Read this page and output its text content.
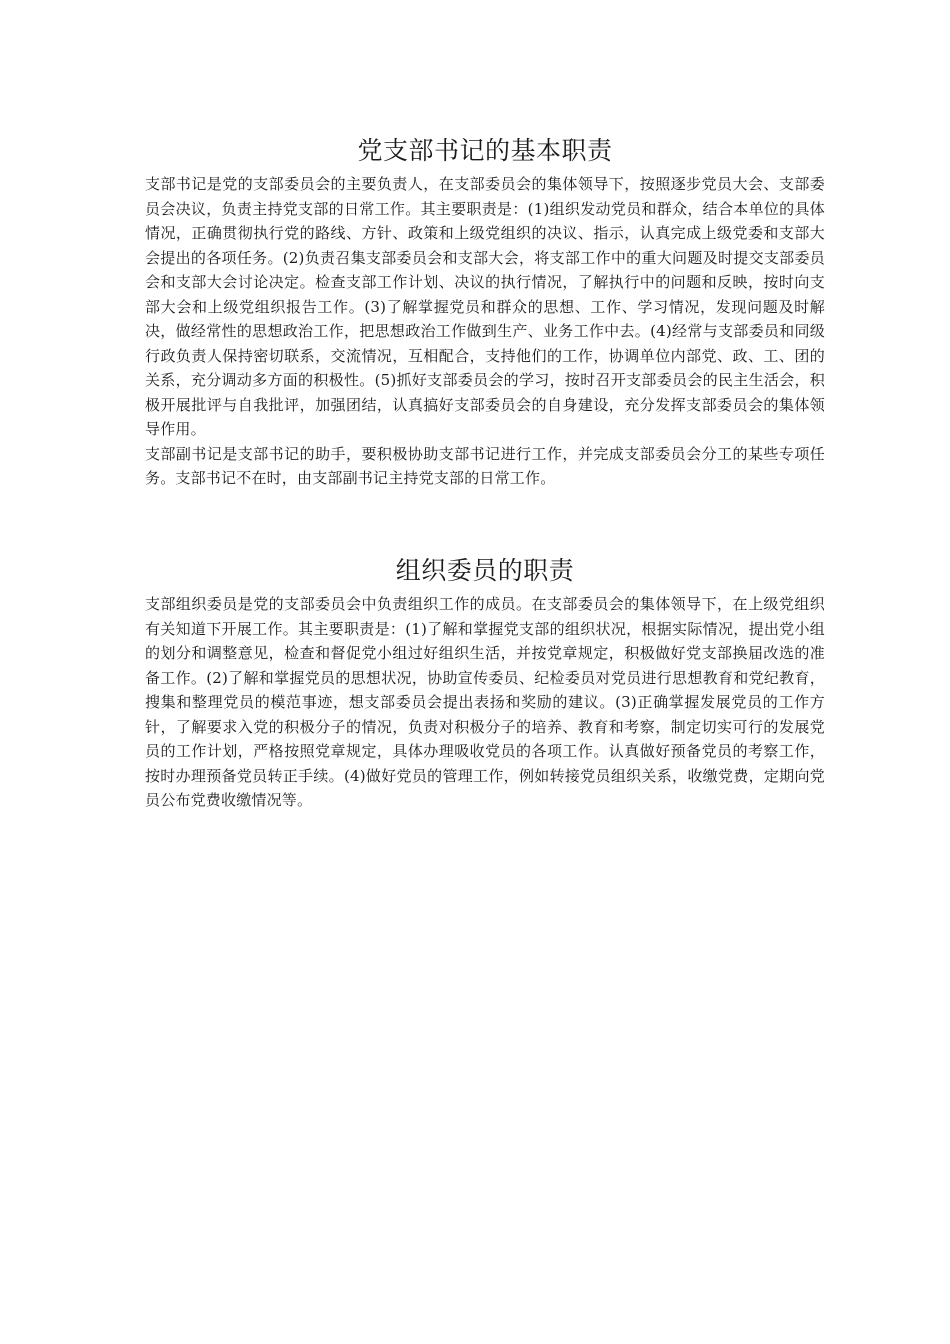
党支部书记的基本职责

支部书记是党的支部委员会的主要负责人，在支部委员会的集体领导下，按照逐步党员大会、支部委员会决议，负责主持党支部的日常工作。其主要职责是：(1)组织发动党员和群众，结合本单位的具体情况，正确贯彻执行党的路线、方针、政策和上级党组织的决议、指示，认真完成上级党委和支部大会提出的各项任务。(2)负责召集支部委员会和支部大会，将支部工作中的重大问题及时提交支部委员会和支部大会讨论决定。检查支部工作计划、决议的执行情况，了解执行中的问题和反映，按时向支部大会和上级党组织报告工作。(3)了解掌握党员和群众的思想、工作、学习情况，发现问题及时解决，做经常性的思想政治工作，把思想政治工作做到生产、业务工作中去。(4)经常与支部委员和同级行政负责人保持密切联系，交流情况，互相配合，支持他们的工作，协调单位内部党、政、工、团的关系，充分调动多方面的积极性。(5)抓好支部委员会的学习，按时召开支部委员会的民主生活会，积极开展批评与自我批评，加强团结，认真搞好支部委员会的自身建设，充分发挥支部委员会的集体领导作用。

支部副书记是支部书记的助手，要积极协助支部书记进行工作，并完成支部委员会分工的某些专项任务。支部书记不在时，由支部副书记主持党支部的日常工作。

组织委员的职责

支部组织委员是党的支部委员会中负责组织工作的成员。在支部委员会的集体领导下，在上级党组织有关知道下开展工作。其主要职责是：(1)了解和掌握党支部的组织状况，根据实际情况，提出党小组的划分和调整意见，检查和督促党小组过好组织生活，并按党章规定，积极做好党支部换届改选的准备工作。(2)了解和掌握党员的思想状况，协助宣传委员、纪检委员对党员进行思想教育和党纪教育，搜集和整理党员的模范事迹，想支部委员会提出表扬和奖励的建议。(3)正确掌握发展党员的工作方针，了解要求入党的积极分子的情况，负责对积极分子的培养、教育和考察，制定切实可行的发展党员的工作计划，严格按照党章规定，具体办理吸收党员的各项工作。认真做好预备党员的考察工作，按时办理预备党员转正手续。(4)做好党员的管理工作，例如转接党员组织关系，收缴党费，定期向党员公布党费收缴情况等。
